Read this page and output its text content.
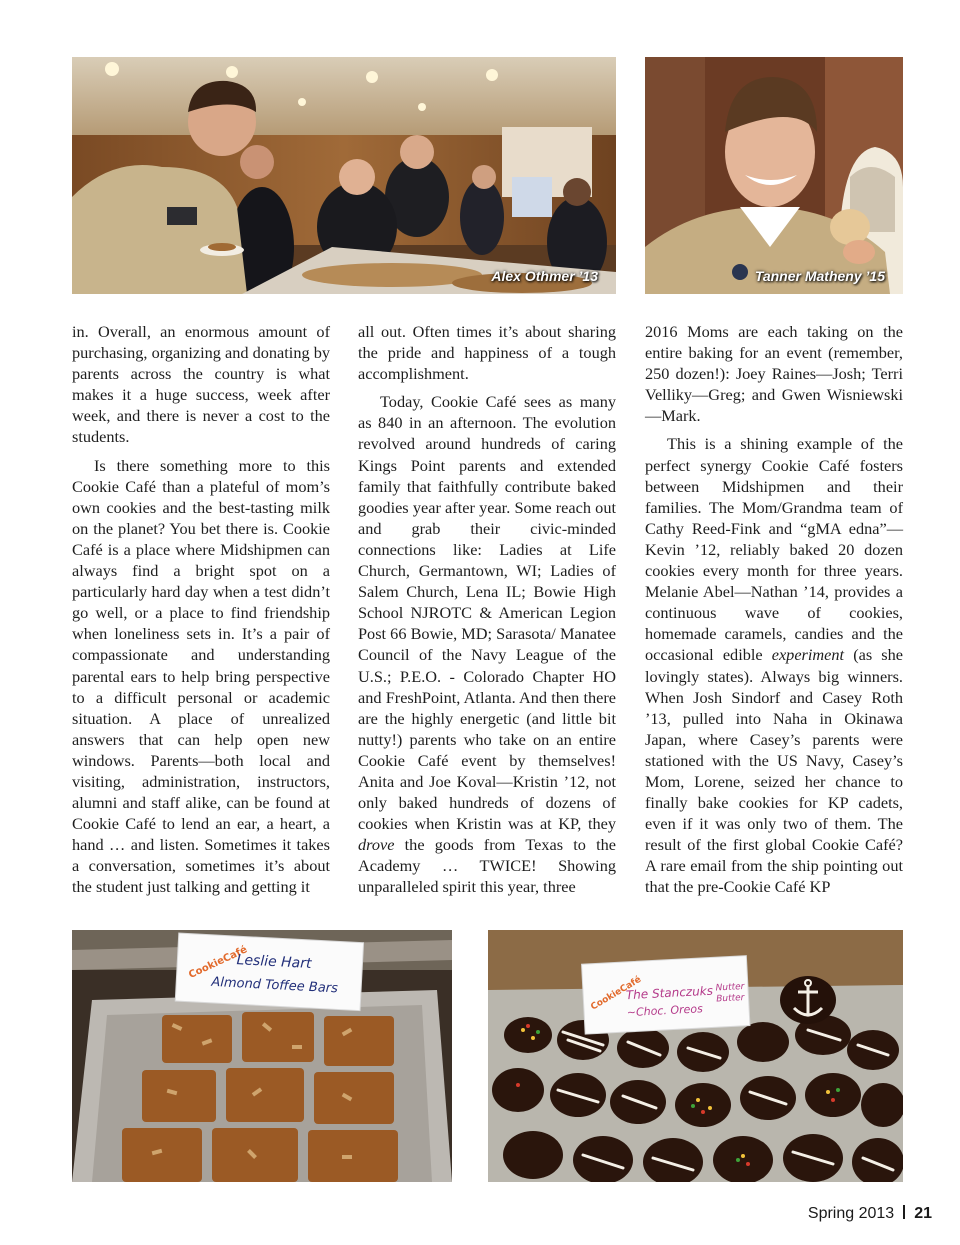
Alex Othmer ’13	Tanner Matheny ’15

in. Overall, an enormous amount of purchasing, organizing and donating by parents across the country is what makes it a huge success, week after week, and there is never a cost to the students.

Is there something more to this Cookie Café than a plateful of mom’s own cookies and the best-tasting milk on the planet? You bet there is. Cookie Café is a place where Midshipmen can always find a bright spot on a particularly hard day when a test didn’t go well, or a place to find friendship when loneliness sets in. It’s a pair of compassionate and understanding parental ears to help bring perspective to a difficult personal or academic situation. A place of unrealized answers that can help open new windows. Parents—both local and visiting, administration, instructors, alumni and staff alike, can be found at Cookie Café to lend an ear, a heart, a hand … and listen. Sometimes it takes a conversation, sometimes it’s about the student just talking and getting it

all out. Often times it’s about sharing the pride and happiness of a tough accomplishment.

Today, Cookie Café sees as many as 840 in an afternoon. The evolution revolved around hundreds of caring Kings Point parents and extended family that faithfully contribute baked goodies year after year. Some reach out and grab their civic-minded connections like: Ladies at Life Church, Germantown, WI; Ladies of Salem Church, Lena IL; Bowie High School NJROTC & American Legion Post 66 Bowie, MD; Sarasota/ Manatee Council of the Navy League of the U.S.; P.E.O. - Colorado Chapter HO and FreshPoint, Atlanta. And then there are the highly energetic (and little bit nutty!) parents who take on an entire Cookie Café event by themselves! Anita and Joe Koval—Kristin ’12, not only baked hundreds of dozens of cookies when Kristin was at KP, they drove the goods from Texas to the Academy … TWICE! Showing unparalleled spirit this year, three

2016 Moms are each taking on the entire baking for an event (remember, 250 dozen!): Joey Raines—Josh; Terri Velliky—Greg; and Gwen Wisniewski—Mark.

This is a shining example of the perfect synergy Cookie Café fosters between Midshipmen and their families. The Mom/Grandma team of Cathy Reed-Fink and “gMA edna”—Kevin ’12, reliably baked 20 dozen cookies every month for three years. Melanie Abel—Nathan ’14, provides a continuous wave of cookies, homemade caramels, candies and the occasional edible experiment (as she lovingly states). Always big winners. When Josh Sindorf and Casey Roth ’13, pulled into Naha in Okinawa Japan, where Casey’s parents were stationed with the US Navy, Casey’s Mom, Lorene, seized her chance to finally bake cookies for KP cadets, even if it was only two of them. The result of the first global Cookie Café? A rare email from the ship pointing out that the pre-Cookie Café KP

CookieCafé
Leslie Hart
Almond Toffee Bars	CookieCafé
The Stanczuks
~Choc. Oreos
Nutter Butter
Spring 2013 21
